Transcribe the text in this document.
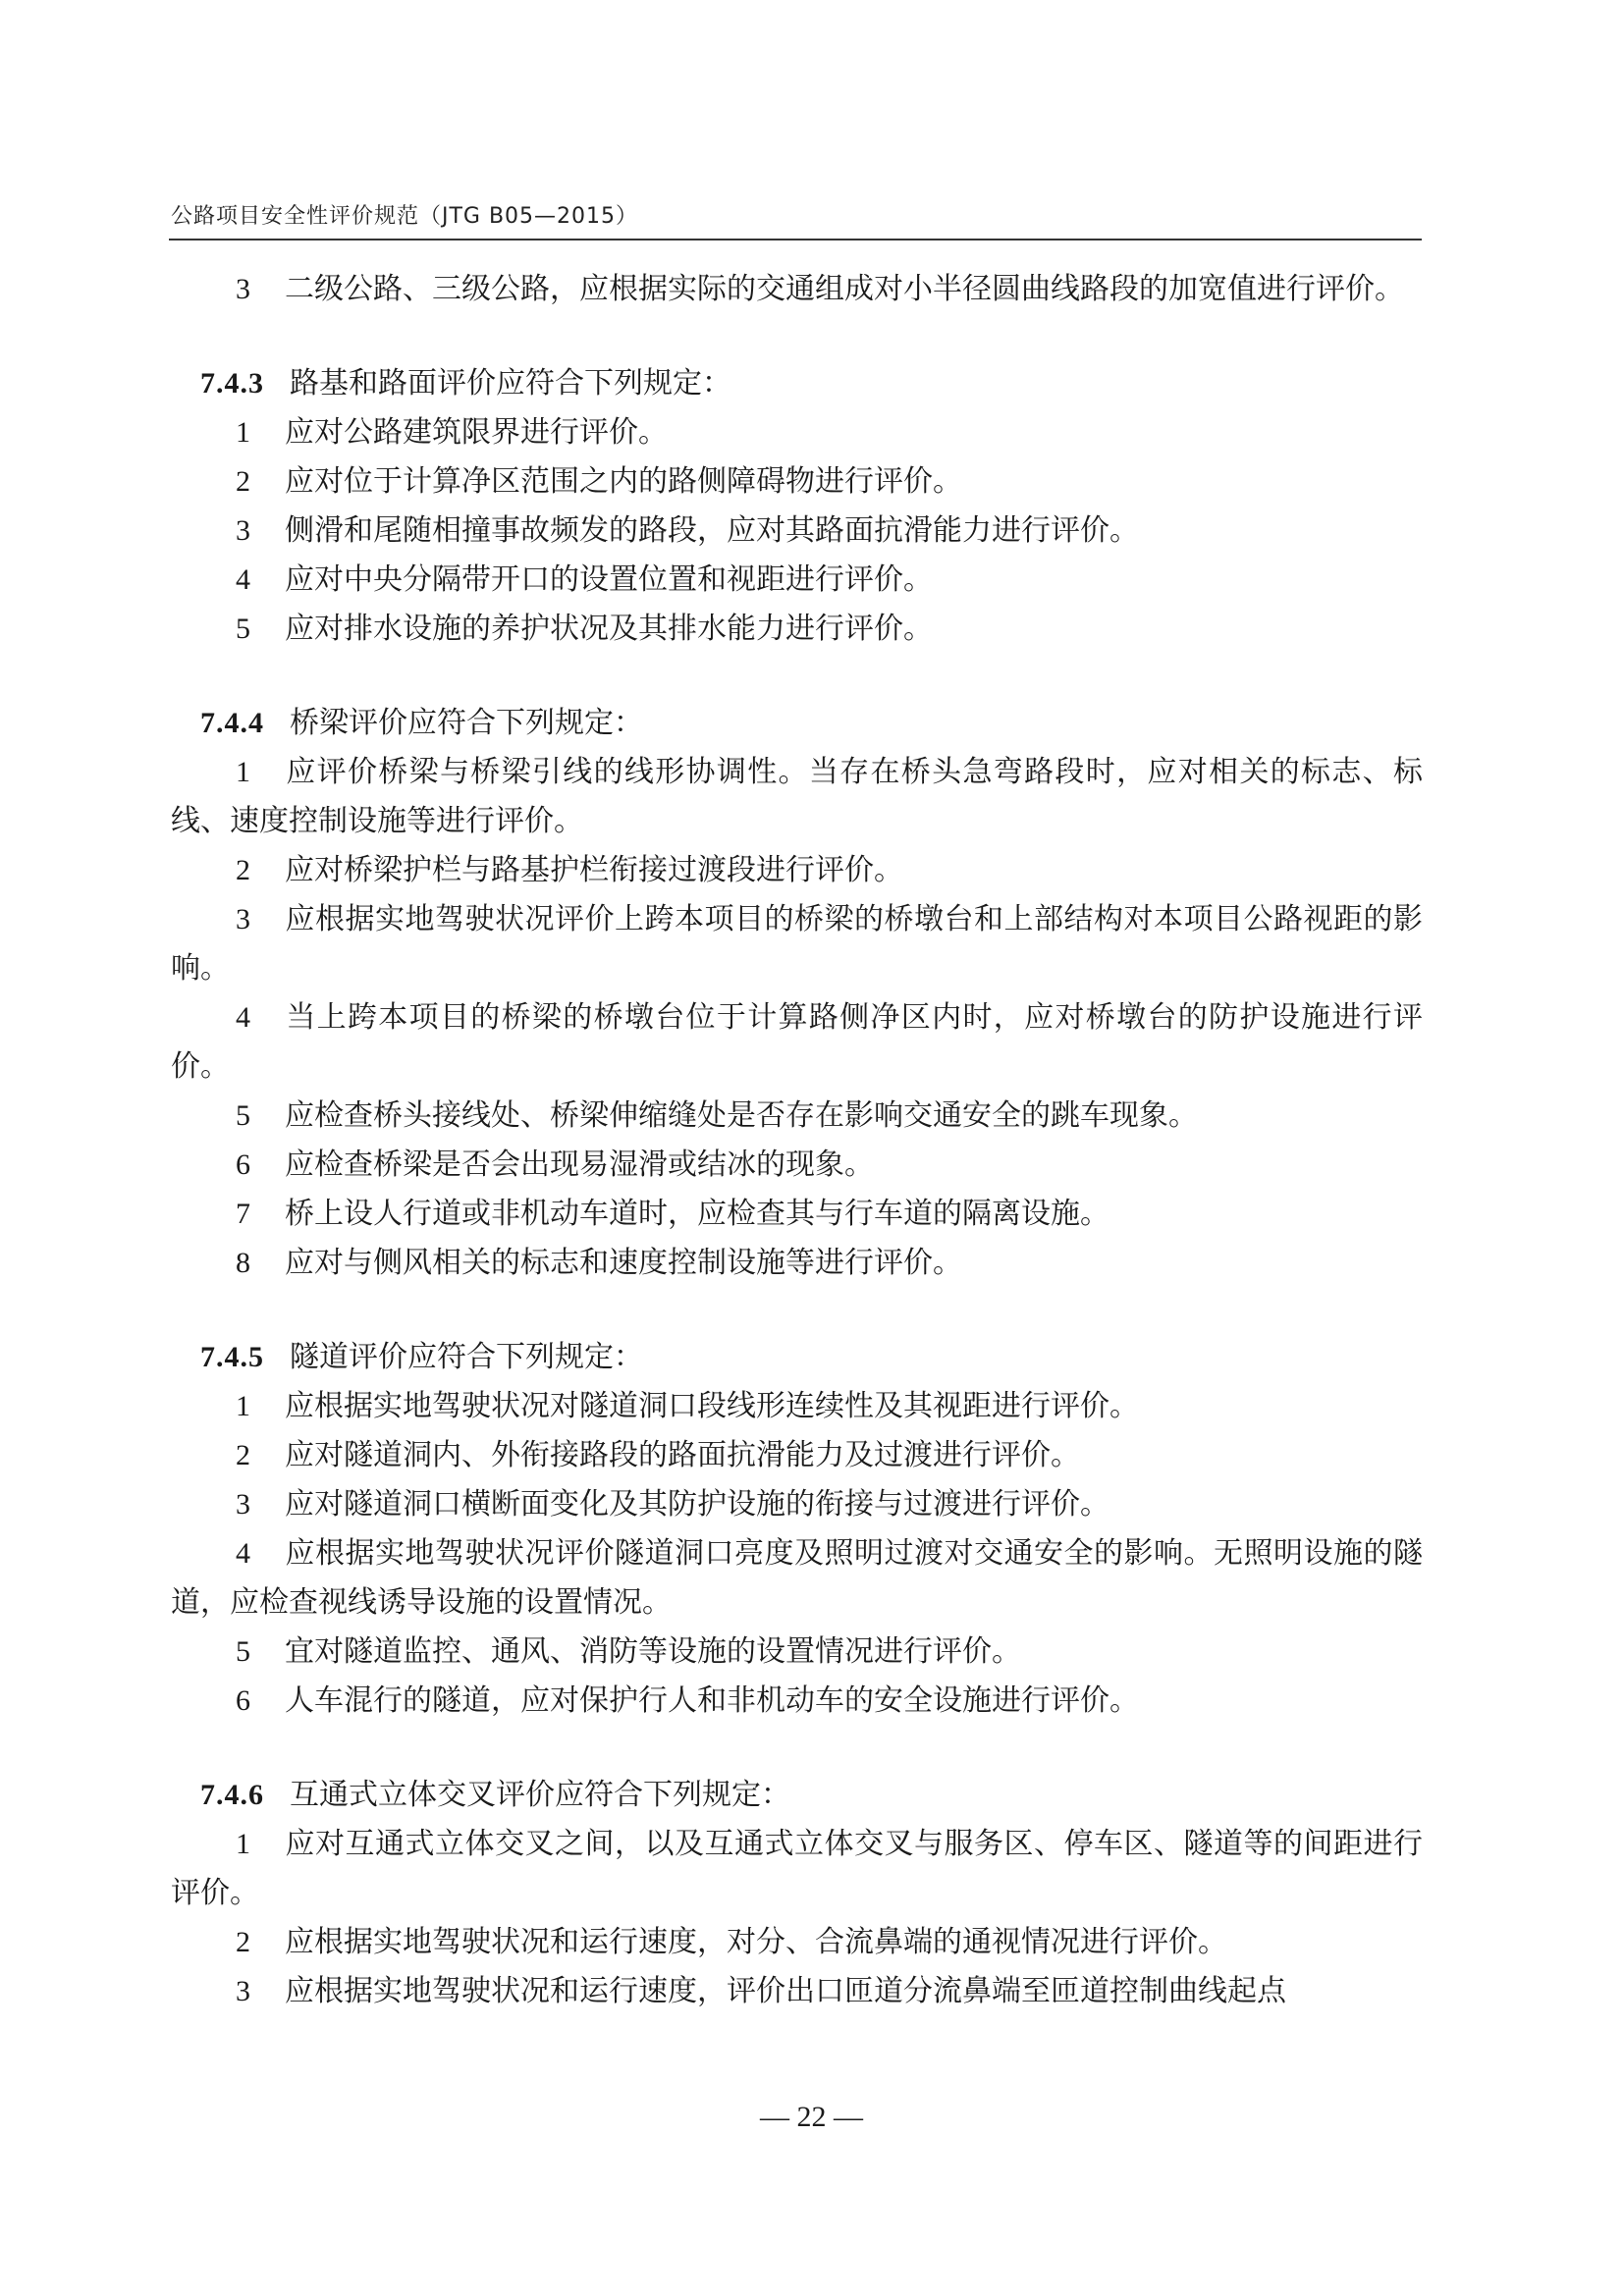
公路项目安全性评价规范（JTG B05—2015）

3 二级公路、三级公路，应根据实际的交通组成对小半径圆曲线路段的加宽值进行评价。

7.4.3 路基和路面评价应符合下列规定：

1 应对公路建筑限界进行评价。

2 应对位于计算净区范围之内的路侧障碍物进行评价。

3 侧滑和尾随相撞事故频发的路段，应对其路面抗滑能力进行评价。

4 应对中央分隔带开口的设置位置和视距进行评价。

5 应对排水设施的养护状况及其排水能力进行评价。

7.4.4 桥梁评价应符合下列规定：

1 应评价桥梁与桥梁引线的线形协调性。当存在桥头急弯路段时，应对相关的标志、标线、速度控制设施等进行评价。

2 应对桥梁护栏与路基护栏衔接过渡段进行评价。

3 应根据实地驾驶状况评价上跨本项目的桥梁的桥墩台和上部结构对本项目公路视距的影响。

4 当上跨本项目的桥梁的桥墩台位于计算路侧净区内时，应对桥墩台的防护设施进行评价。

5 应检查桥头接线处、桥梁伸缩缝处是否存在影响交通安全的跳车现象。

6 应检查桥梁是否会出现易湿滑或结冰的现象。

7 桥上设人行道或非机动车道时，应检查其与行车道的隔离设施。

8 应对与侧风相关的标志和速度控制设施等进行评价。

7.4.5 隧道评价应符合下列规定：

1 应根据实地驾驶状况对隧道洞口段线形连续性及其视距进行评价。

2 应对隧道洞内、外衔接路段的路面抗滑能力及过渡进行评价。

3 应对隧道洞口横断面变化及其防护设施的衔接与过渡进行评价。

4 应根据实地驾驶状况评价隧道洞口亮度及照明过渡对交通安全的影响。无照明设施的隧道，应检查视线诱导设施的设置情况。

5 宜对隧道监控、通风、消防等设施的设置情况进行评价。

6 人车混行的隧道，应对保护行人和非机动车的安全设施进行评价。

7.4.6 互通式立体交叉评价应符合下列规定：

1 应对互通式立体交叉之间，以及互通式立体交叉与服务区、停车区、隧道等的间距进行评价。

2 应根据实地驾驶状况和运行速度，对分、合流鼻端的通视情况进行评价。

3 应根据实地驾驶状况和运行速度，评价出口匝道分流鼻端至匝道控制曲线起点

— 22 —
